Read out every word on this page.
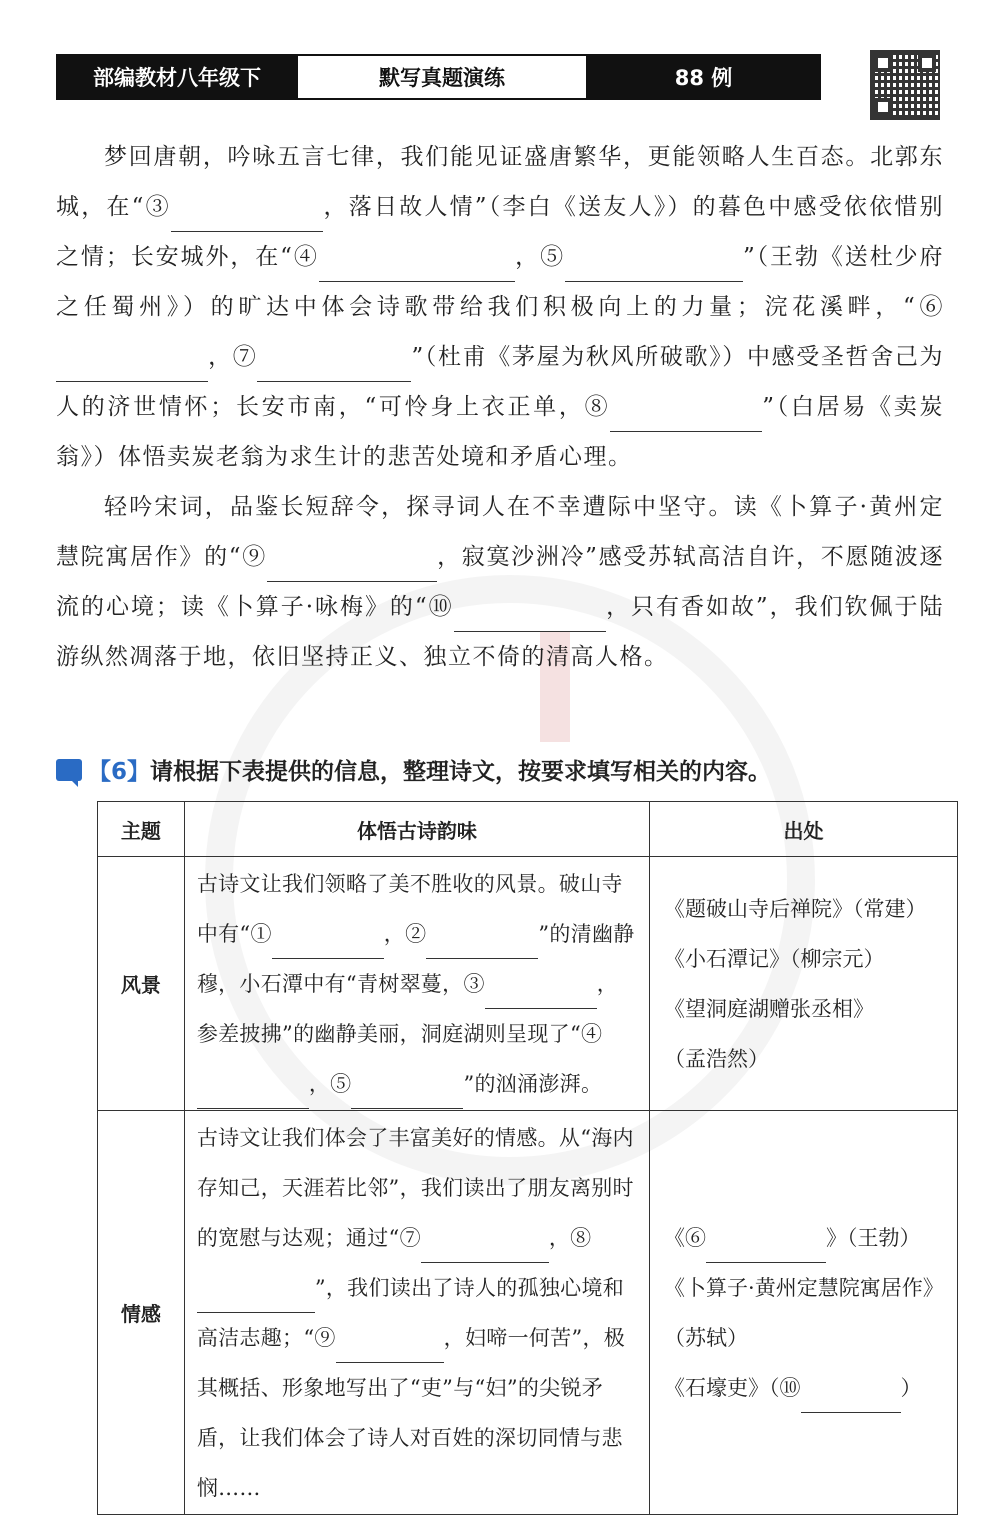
部编教材八年级下	默写真题演练	88 例

梦回唐朝，吟咏五言七律，我们能见证盛唐繁华，更能领略人生百态。北郭东城，在“③	，落日故人情”（李白《送友人》）的暮色中感受依依惜别之情；长安城外，在“④	，⑤	”（王勃《送杜少府之任蜀州》）的旷达中体会诗歌带给我们积极向上的力量；浣花溪畔，“⑥，⑦	”（杜甫《茅屋为秋风所破歌》）中感受圣哲舍己为人的济世情怀；长安市南，“可怜身上衣正单，⑧	”（白居易《卖炭翁》）体悟卖炭老翁为求生计的悲苦处境和矛盾心理。

轻吟宋词，品鉴长短辞令，探寻词人在不幸遭际中坚守。读《卜算子·黄州定慧院寓居作》的“⑨	，寂寞沙洲冷”感受苏轼高洁自许，不愿随波逐流的心境；读《卜算子·咏梅》的“⑩	，只有香如故”，我们钦佩于陆游纵然凋落于地，依旧坚持正义、独立不倚的清高人格。

【6】 请根据下表提供的信息，整理诗文，按要求填写相关的内容。
主题	体悟古诗韵味	出处
风景	古诗文让我们领略了美不胜收的风景。破山寺中有“① ，② ”的清幽静穆，小石潭中有“青树翠蔓，③ ，参差披拂”的幽静美丽，洞庭湖则呈现了“④，⑤ ”的汹涌澎湃。	《题破山寺后禅院》（常建）
《小石潭记》（柳宗元）
《望洞庭湖赠张丞相》
（孟浩然）

情感	古诗文让我们体会了丰富美好的情感。从“海内存知己，天涯若比邻”，我们读出了朋友离别时的宽慰与达观；通过“⑦ ，⑧”，我们读出了诗人的孤独心境和高洁志趣；“⑨ ，妇啼一何苦”，极其概括、形象地写出了“吏”与“妇”的尖锐矛盾，让我们体会了诗人对百姓的深切同情与悲悯……	《⑥ 》（王勃）
《卜算子·黄州定慧院寓居作》（苏轼）
《石壕吏》（⑩ ）
